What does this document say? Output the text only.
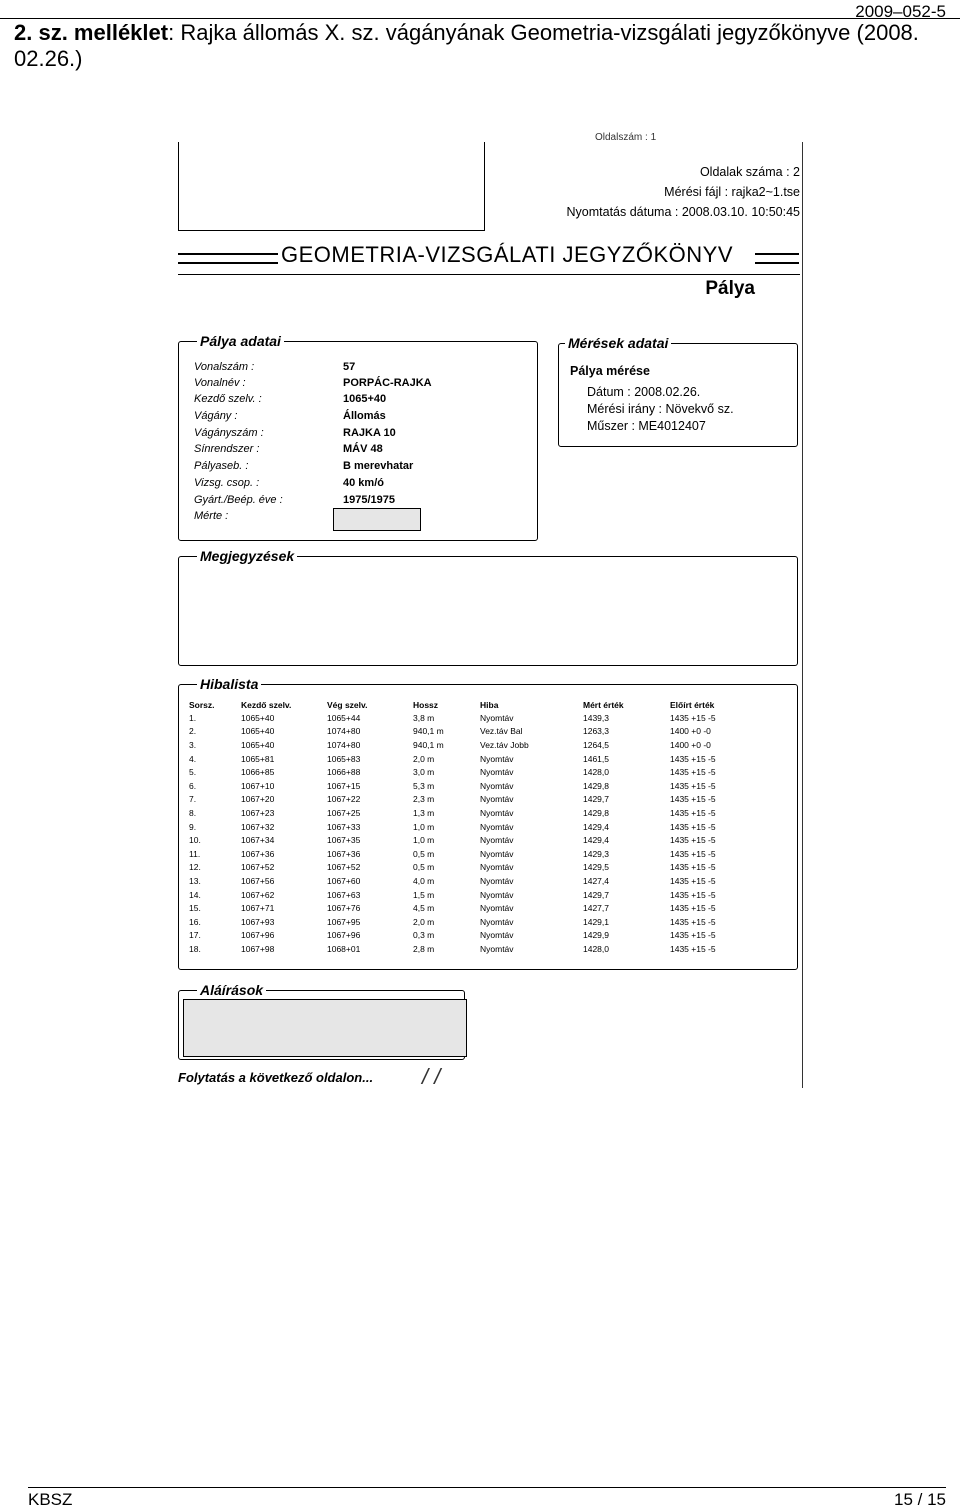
2009–052-5
2. sz. melléklet: Rajka állomás X. sz. vágányának Geometria-vizsgálati jegyzőkönyve (2008. 02.26.)
Oldalszám : 1
Oldalak száma : 2
Mérési fájl : rajka2~1.tse
Nyomtatás dátuma : 2008.03.10. 10:50:45
GEOMETRIA-VIZSGÁLATI JEGYZŐKÖNYV
Pálya
Pálya adatai
Vonalszám :	57
Vonalnév :	PORPÁC-RAJKA
Kezdő szelv. :	1065+40
Vágány :	Állomás
Vágányszám :	RAJKA 10
Sínrendszer :	MÁV 48
Pályaseb. :	B merevhatar
Vizsg. csop. :	40 km/ó
Gyárt./Beép. éve :	1975/1975
Mérte :
Mérések adatai
Pálya mérése
Dátum : 2008.02.26.
Mérési irány : Növekvő sz.
Műszer : ME4012407
Megjegyzések
Hibalista
Sorsz.	Kezdő szelv.	Vég szelv.	Hossz	Hiba	Mért érték	Előírt érték
1.	1065+40	1065+44	3,8 m	Nyomtáv	1439,3	1435 +15 -5
2.	1065+40	1074+80	940,1 m	Vez.táv Bal	1263,3	1400 +0 -0
3.	1065+40	1074+80	940,1 m	Vez.táv Jobb	1264,5	1400 +0 -0
4.	1065+81	1065+83	2,0 m	Nyomtáv	1461,5	1435 +15 -5
5.	1066+85	1066+88	3,0 m	Nyomtáv	1428,0	1435 +15 -5
6.	1067+10	1067+15	5,3 m	Nyomtáv	1429,8	1435 +15 -5
7.	1067+20	1067+22	2,3 m	Nyomtáv	1429,7	1435 +15 -5
8.	1067+23	1067+25	1,3 m	Nyomtáv	1429,8	1435 +15 -5
9.	1067+32	1067+33	1,0 m	Nyomtáv	1429,4	1435 +15 -5
10.	1067+34	1067+35	1,0 m	Nyomtáv	1429,4	1435 +15 -5
11.	1067+36	1067+36	0,5 m	Nyomtáv	1429,3	1435 +15 -5
12.	1067+52	1067+52	0,5 m	Nyomtáv	1429,5	1435 +15 -5
13.	1067+56	1067+60	4,0 m	Nyomtáv	1427,4	1435 +15 -5
14.	1067+62	1067+63	1,5 m	Nyomtáv	1429,7	1435 +15 -5
15.	1067+71	1067+76	4,5 m	Nyomtáv	1427,7	1435 +15 -5
16.	1067+93	1067+95	2,0 m	Nyomtáv	1429,1	1435 +15 -5
17.	1067+96	1067+96	0,3 m	Nyomtáv	1429,9	1435 +15 -5
18.	1067+98	1068+01	2,8 m	Nyomtáv	1428,0	1435 +15 -5
Aláírások
/ /
Folytatás a következő oldalon...
KBSZ	15 / 15
